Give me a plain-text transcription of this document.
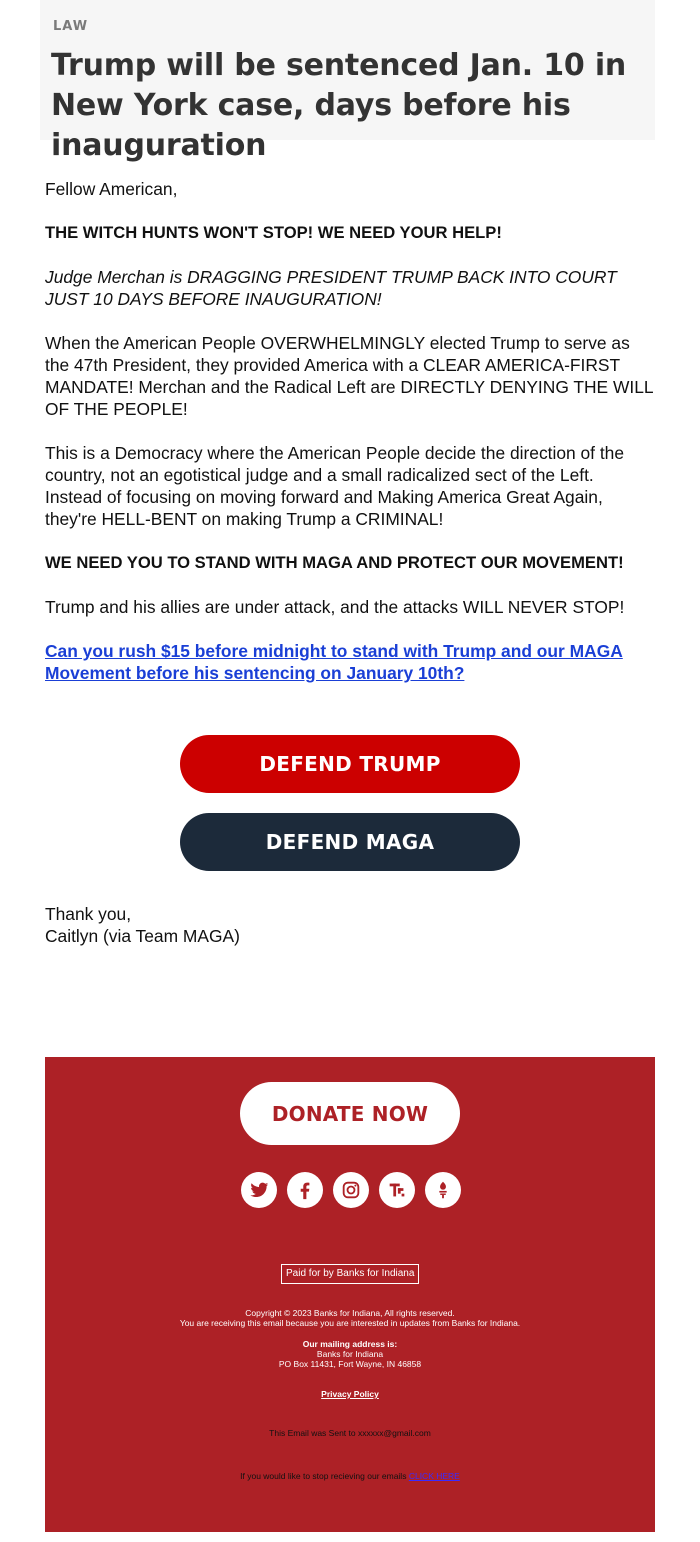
LAW
Trump will be sentenced Jan. 10 in New York case, days before his inauguration

Fellow American,

THE WITCH HUNTS WON'T STOP! WE NEED YOUR HELP!

Judge Merchan is DRAGGING PRESIDENT TRUMP BACK INTO COURT JUST 10 DAYS BEFORE INAUGURATION!

When the American People OVERWHELMINGLY elected Trump to serve as the 47th President, they provided America with a CLEAR AMERICA-FIRST MANDATE! Merchan and the Radical Left are DIRECTLY DENYING THE WILL OF THE PEOPLE!

This is a Democracy where the American People decide the direction of the country, not an egotistical judge and a small radicalized sect of the Left. Instead of focusing on moving forward and Making America Great Again, they're HELL-BENT on making Trump a CRIMINAL!

WE NEED YOU TO STAND WITH MAGA AND PROTECT OUR MOVEMENT!

Trump and his allies are under attack, and the attacks WILL NEVER STOP!

Can you rush $15 before midnight to stand with Trump and our MAGA Movement before his sentencing on January 10th?

DEFEND TRUMP
DEFEND MAGA
Thank you,
Caitlyn (via Team MAGA)
DONATE NOW
Paid for by Banks for Indiana
Copyright © 2023 Banks for Indiana, All rights reserved.
You are receiving this email because you are interested in updates from Banks for Indiana.
Our mailing address is:
Banks for Indiana
PO Box 11431, Fort Wayne, IN 46858
Privacy Policy
This Email was Sent to xxxxxx@gmail.com
If you would like to stop recieving our emails CLICK HERE
